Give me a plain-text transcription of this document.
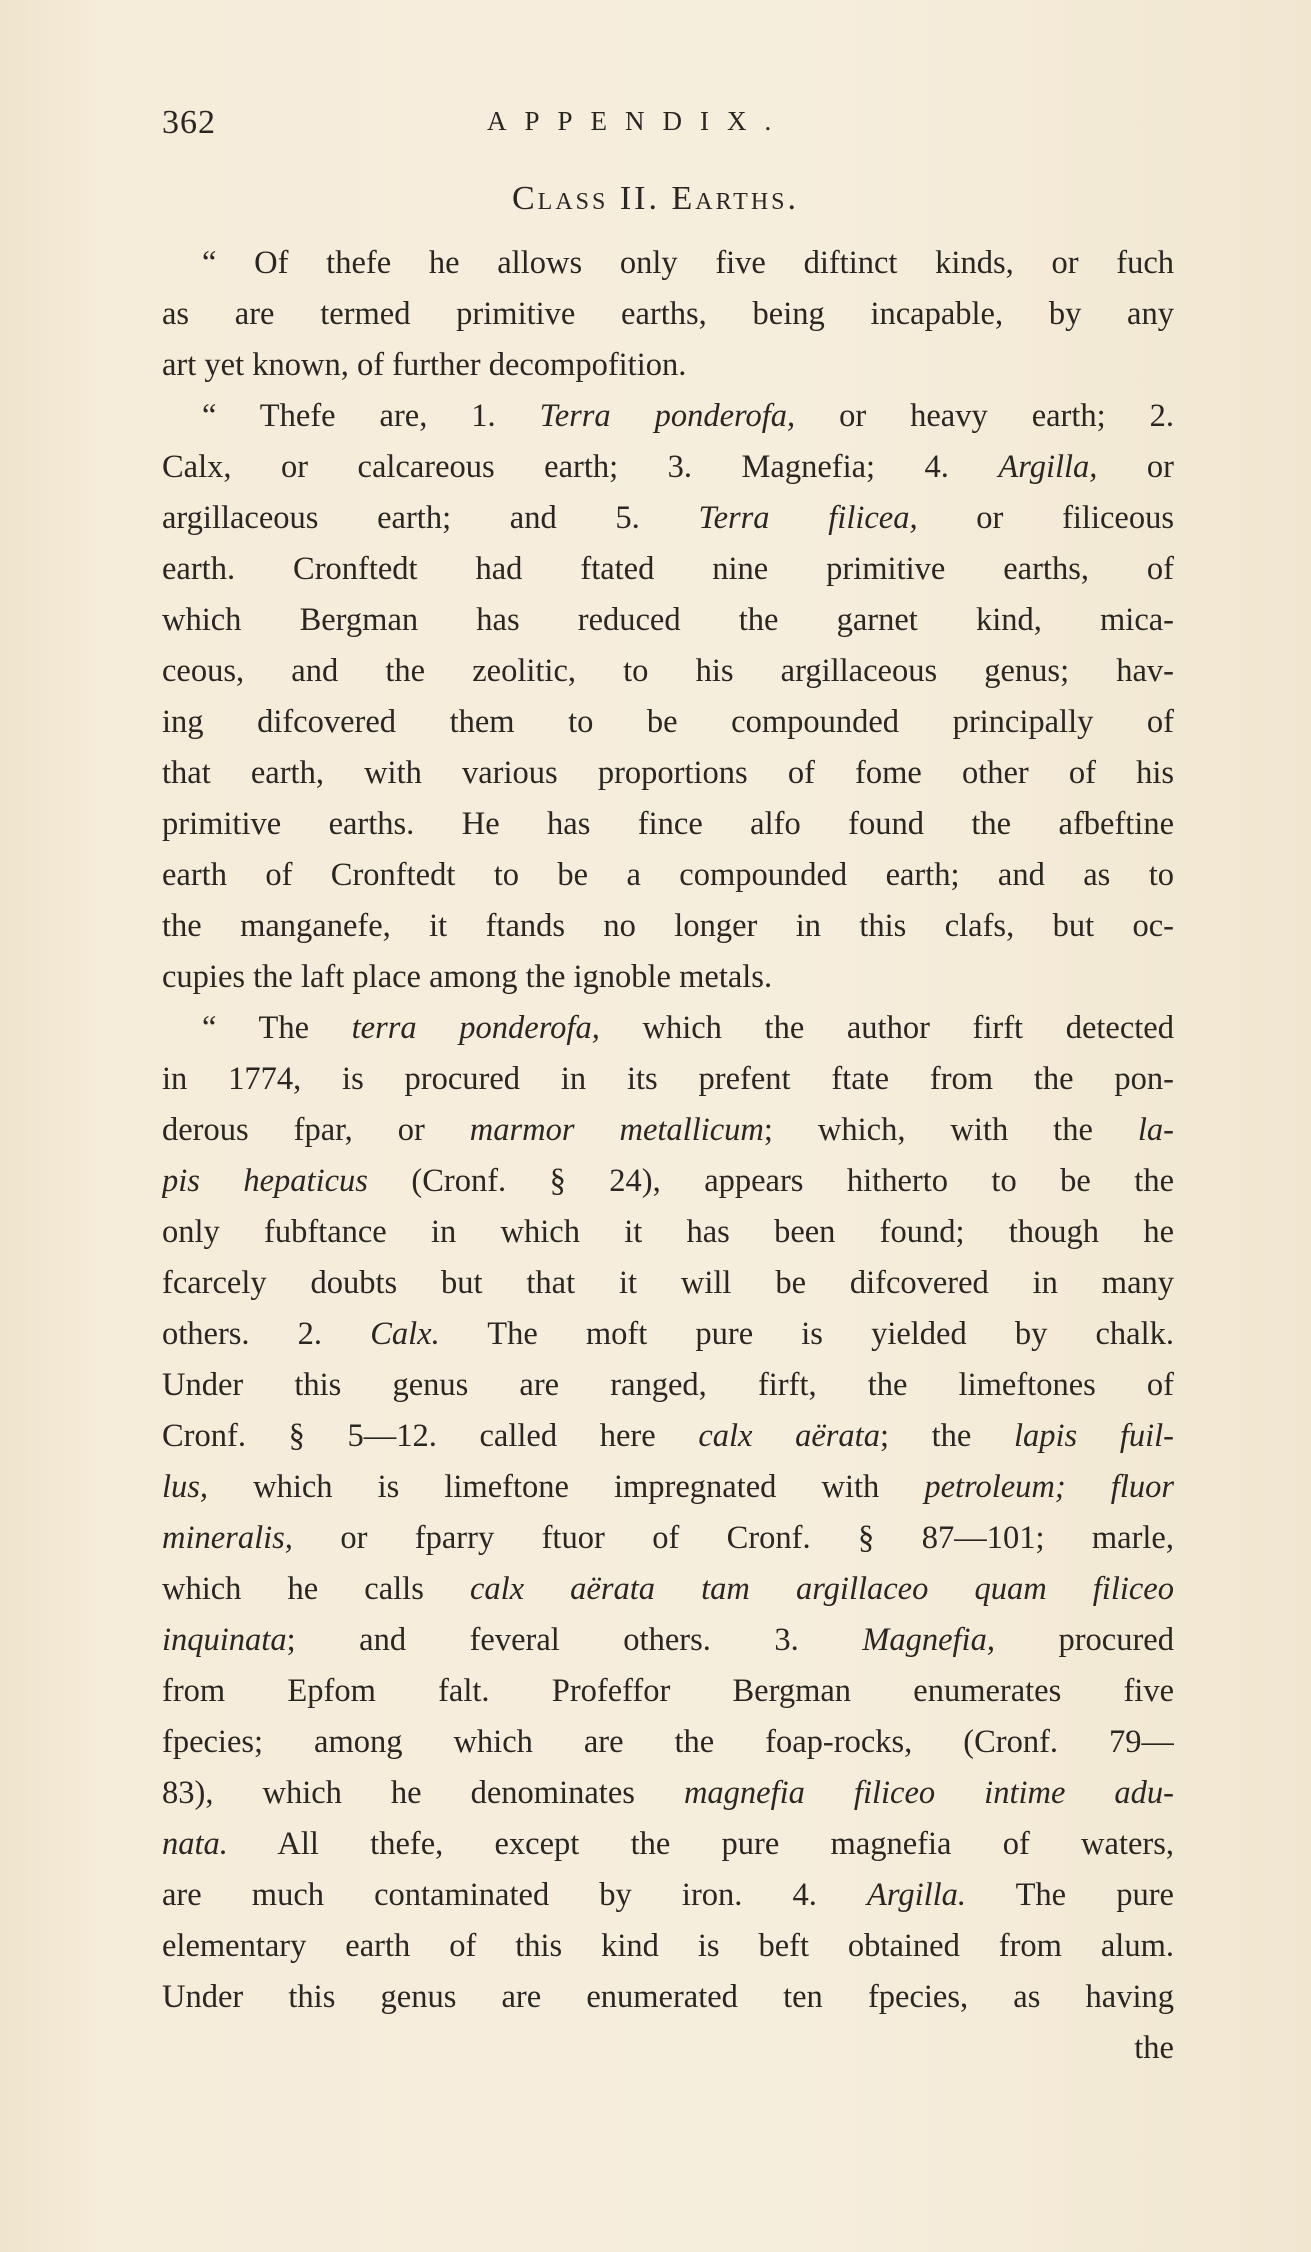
362	APPENDIX.
Class II. Earths.
“ Of thefe he allows only five diftinct kinds, or fuch
as are termed primitive earths, being incapable, by any
art yet known, of further decompofition.
“ Thefe are, 1. Terra ponderofa, or heavy earth; 2.
Calx, or calcareous earth; 3. Magnefia; 4. Argilla, or
argillaceous earth; and 5. Terra filicea, or filiceous
earth. Cronftedt had ftated nine primitive earths, of
which Bergman has reduced the garnet kind, mica-
ceous, and the zeolitic, to his argillaceous genus; hav-
ing difcovered them to be compounded principally of
that earth, with various proportions of fome other of his
primitive earths. He has fince alfo found the afbeftine
earth of Cronftedt to be a compounded earth; and as to
the manganefe, it ftands no longer in this clafs, but oc-
cupies the laft place among the ignoble metals.
“ The terra ponderofa, which the author firft detected
in 1774, is procured in its prefent ftate from the pon-
derous fpar, or marmor metallicum; which, with the la-
pis hepaticus (Cronf. § 24), appears hitherto to be the
only fubftance in which it has been found; though he
fcarcely doubts but that it will be difcovered in many
others. 2. Calx. The moft pure is yielded by chalk.
Under this genus are ranged, firft, the limeftones of
Cronf. § 5—12. called here calx aërata; the lapis fuil-
lus, which is limeftone impregnated with petroleum; fluor
mineralis, or fparry ftuor of Cronf. § 87—101; marle,
which he calls calx aërata tam argillaceo quam filiceo
inquinata; and feveral others. 3. Magnefia, procured
from Epfom falt. Profeffor Bergman enumerates five
fpecies; among which are the foap-rocks, (Cronf. 79—
83), which he denominates magnefia filiceo intime adu-
nata. All thefe, except the pure magnefia of waters,
are much contaminated by iron. 4. Argilla. The pure
elementary earth of this kind is beft obtained from alum.
Under this genus are enumerated ten fpecies, as having
the
